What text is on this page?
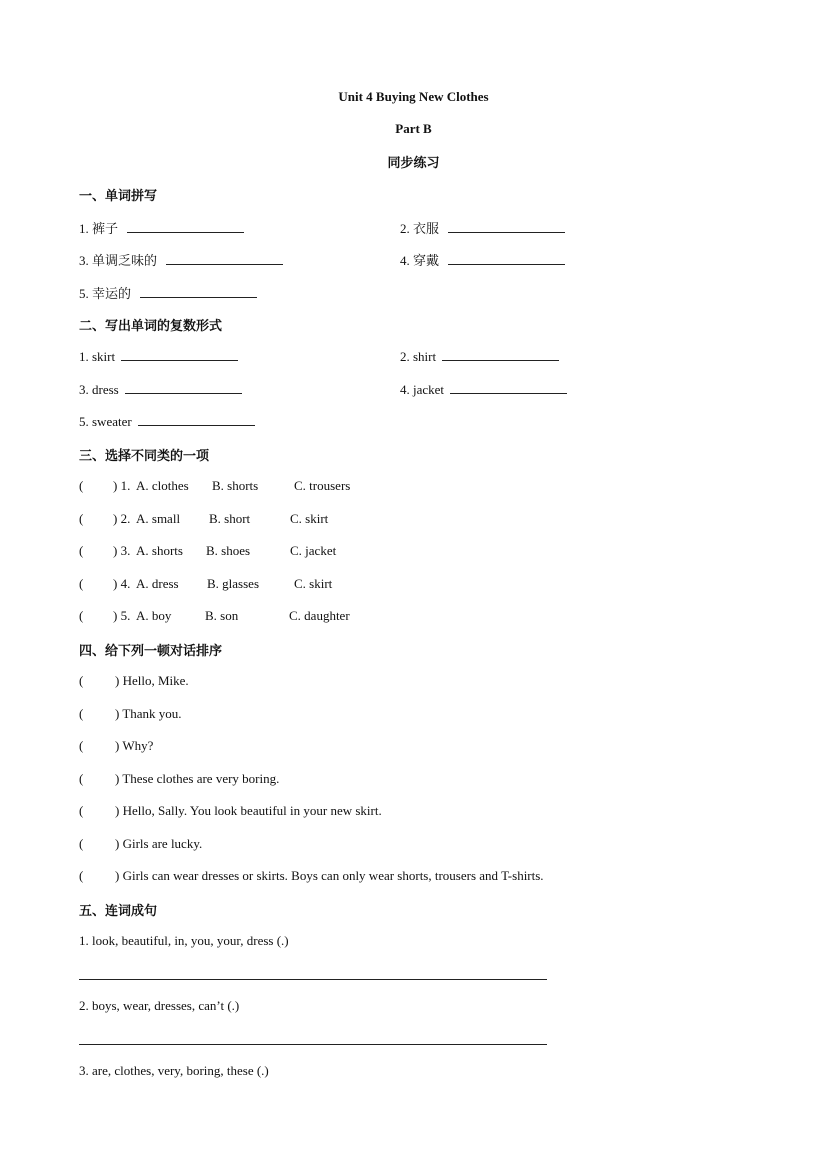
Unit 4 Buying New Clothes
Part B
同步练习
一、单词拼写
1. 裤子	2. 衣服
3. 单调乏味的	4. 穿戴
5. 幸运的
二、写出单词的复数形式
1. skirt	2. shirt
3. dress	4. jacket
5. sweater
三、选择不同类的一项
( ) 1. A. clothes B. shorts	C. trousers
( ) 2. A. small B. short	C. skirt
( ) 3. A. shorts B. shoes	C. jacket
( ) 4. A. dress B. glasses	C. skirt
( ) 5. A. boy	B. son	C. daughter
四、给下列一顿对话排序
( ) Hello, Mike.
( ) Thank you.
( ) Why?
( ) These clothes are very boring.
( ) Hello, Sally. You look beautiful in your new skirt.
( ) Girls are lucky.
( ) Girls can wear dresses or skirts. Boys can only wear shorts, trousers and T-shirts.
五、连词成句
1. look, beautiful, in, you, your, dress (.)
2. boys, wear, dresses, can’t (.)
3. are, clothes, very, boring, these (.)
